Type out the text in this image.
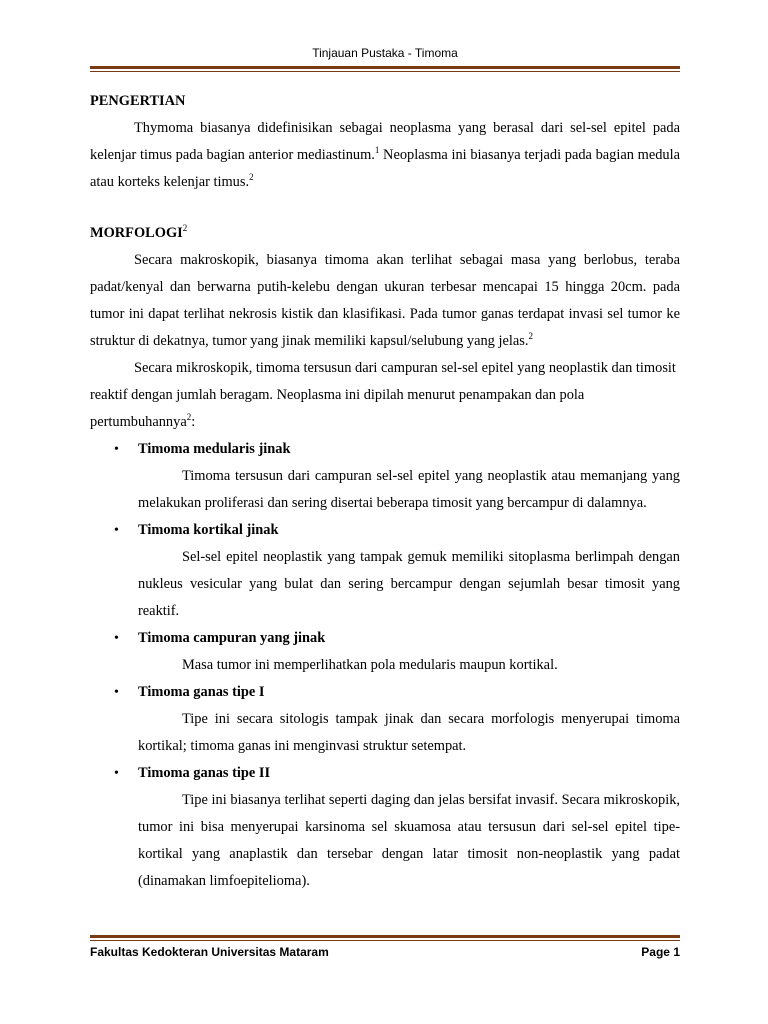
Tinjauan Pustaka - Timoma

PENGERTIAN

Thymoma biasanya didefinisikan sebagai neoplasma yang berasal dari sel-sel epitel pada kelenjar timus pada bagian anterior mediastinum.$^1$ Neoplasma ini biasanya terjadi pada bagian medula atau korteks kelenjar timus.$^2$

MORFOLOGI$^2$

Secara makroskopik, biasanya timoma akan terlihat sebagai masa yang berlobus, teraba padat/kenyal dan berwarna putih-kelebu dengan ukuran terbesar mencapai 15 hingga 20cm. pada tumor ini dapat terlihat nekrosis kistik dan klasifikasi. Pada tumor ganas terdapat invasi sel tumor ke struktur di dekatnya, tumor yang jinak memiliki kapsul/selubung yang jelas.$^2$

Secara mikroskopik, timoma tersusun dari campuran sel-sel epitel yang neoplastik dan timosit reaktif dengan jumlah beragam. Neoplasma ini dipilah menurut penampakan dan pola pertumbuhannya$^2$:

• Timoma medularis jinak
Timoma tersusun dari campuran sel-sel epitel yang neoplastik atau memanjang yang melakukan proliferasi dan sering disertai beberapa timosit yang bercampur di dalamnya.
• Timoma kortikal jinak
Sel-sel epitel neoplastik yang tampak gemuk memiliki sitoplasma berlimpah dengan nukleus vesicular yang bulat dan sering bercampur dengan sejumlah besar timosit yang reaktif.
• Timoma campuran yang jinak
Masa tumor ini memperlihatkan pola medularis maupun kortikal.
• Timoma ganas tipe I
Tipe ini secara sitologis tampak jinak dan secara morfologis menyerupai timoma kortikal; timoma ganas ini menginvasi struktur setempat.
• Timoma ganas tipe II
Tipe ini biasanya terlihat seperti daging dan jelas bersifat invasif. Secara mikroskopik, tumor ini bisa menyerupai karsinoma sel skuamosa atau tersusun dari sel-sel epitel tipe-kortikal yang anaplastik dan tersebar dengan latar timosit non-neoplastik yang padat (dinamakan limfoepitelioma).
Fakultas Kedokteran Universitas Mataram	Page 1
